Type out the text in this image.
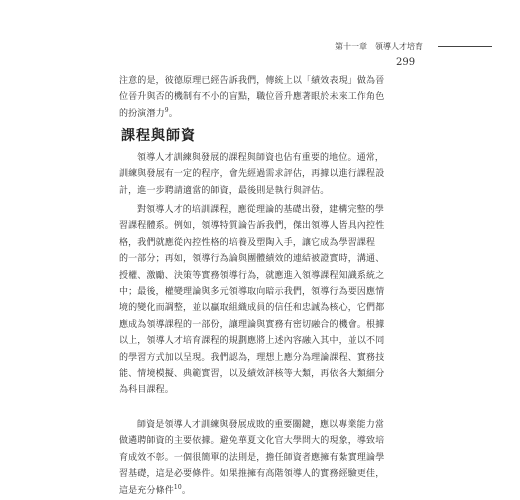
第十一章 領導人才培育
299
注意的是，彼德原理已經告訴我們，傳統上以「績效表現」做為晉
位晉升與否的機制有不小的盲點，職位晉升應著眼於未來工作角色
的扮演潛力$^9$。
課程與師資
領導人才訓練與發展的課程與師資也佔有重要的地位。通常，
訓練與發展有一定的程序，會先經過需求評估，再據以進行課程設
計，進一步聘請適當的師資，最後則是執行與評估。
對領導人才的培訓課程，應從理論的基礎出發，建構完整的學
習課程體系。例如，領導特質論告訴我們，傑出領導人皆具內控性
格，我們就應從內控性格的培養及塑陶入手，讓它成為學習課程
的一部分；再如，領導行為論與團體績效的連結被證實時，溝通、
授權、激勵、決策等實務領導行為，就應進入領導課程知識系統之
中；最後，權變理論與多元領導取向暗示我們，領導行為要因應情
境的變化而調整，並以贏取組織成員的信任和忠誠為核心，它們都
應成為領導課程的一部份，讓理論與實務有密切融合的機會。根據
以上，領導人才培育課程的規劃應將上述內容融入其中，並以不同
的學習方式加以呈現。我們認為，理想上應分為理論課程、實務技
能、情境模擬、典範實習，以及績效評核等大類，再依各大類細分
為科目課程。
師資是領導人才訓練與發展成敗的重要關鍵，應以專業能力當
做遴聘師資的主要依據。避免華夏文化官大學問大的現象，導致培
育成效不彰。一個很簡單的法則是，擔任師資者應擁有紮實理論學
習基礎，這是必要條件。如果推擁有高階領導人的實務經驗更佳，
這是充分條件$^{10}$。
